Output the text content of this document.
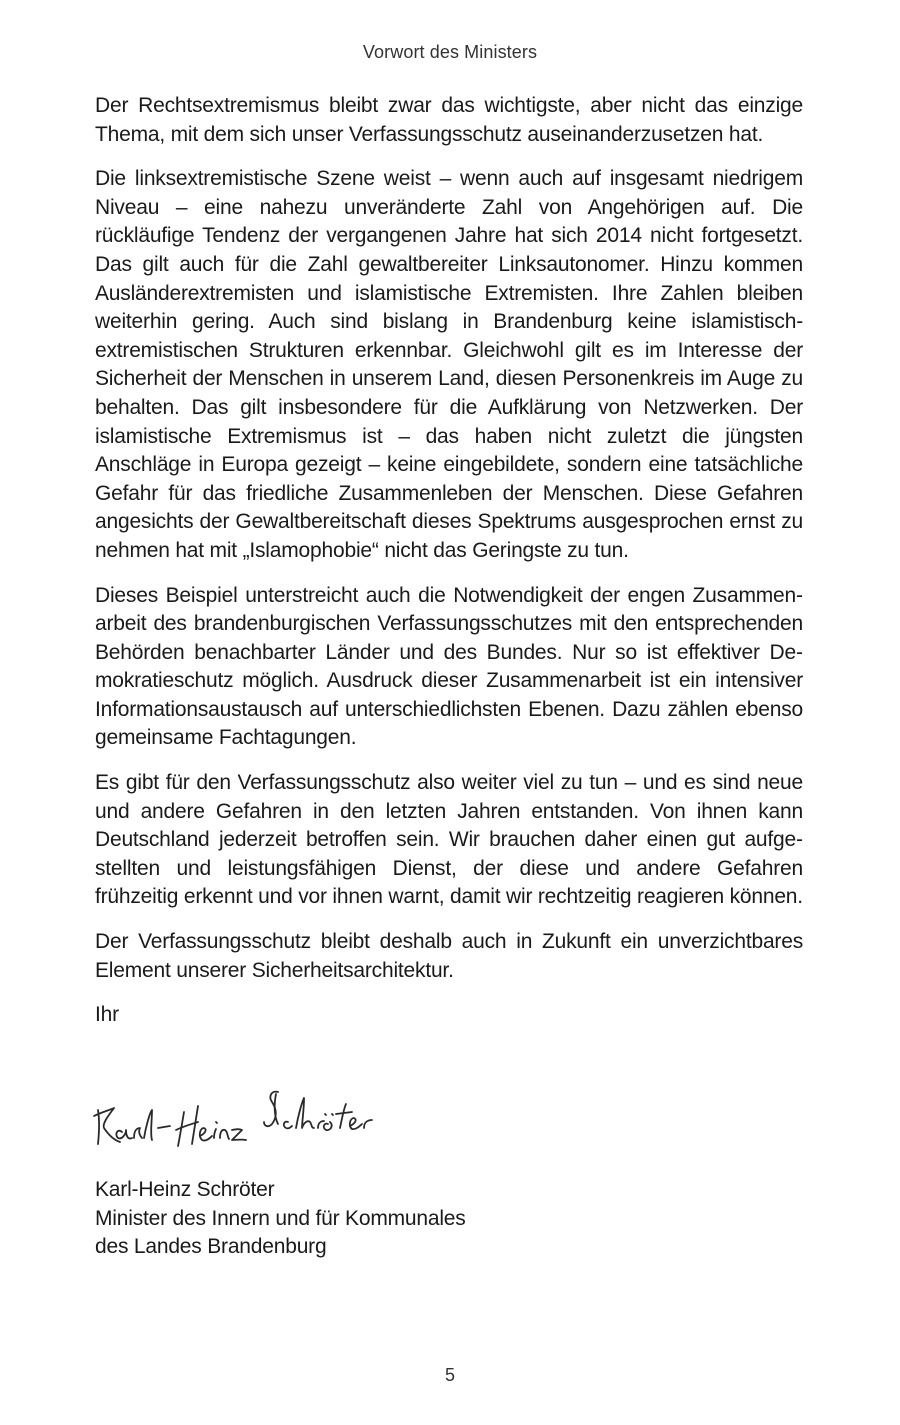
Vorwort des Ministers

Der Rechtsextremismus bleibt zwar das wichtigste, aber nicht das einzige Thema, mit dem sich unser Verfassungsschutz auseinanderzusetzen hat.

Die linksextremistische Szene weist – wenn auch auf insgesamt niedrigem Niveau – eine nahezu unveränderte Zahl von Angehörigen auf. Die rückläufige Tendenz der vergangenen Jahre hat sich 2014 nicht fortgesetzt. Das gilt auch für die Zahl gewaltbereiter Linksautonomer. Hinzu kommen Ausländerextremisten und islamistische Extremisten. Ihre Zahlen bleiben weiterhin gering. Auch sind bislang in Brandenburg keine islamistisch-extremistischen Strukturen erkennbar. Gleichwohl gilt es im Interesse der Sicherheit der Menschen in unserem Land, diesen Personenkreis im Auge zu behalten. Das gilt insbesondere für die Aufklärung von Netzwerken. Der islamistische Extremismus ist – das haben nicht zuletzt die jüngsten Anschläge in Europa gezeigt – keine eingebildete, sondern eine tatsächliche Gefahr für das friedliche Zusammenleben der Menschen. Diese Gefahren angesichts der Gewaltbereitschaft dieses Spektrums ausgesprochen ernst zu nehmen hat mit „Islamophobie“ nicht das Geringste zu tun.

Dieses Beispiel unterstreicht auch die Notwendigkeit der engen Zusammenarbeit des brandenburgischen Verfassungsschutzes mit den entsprechenden Behörden benachbarter Länder und des Bundes. Nur so ist effektiver Demokratieschutz möglich. Ausdruck dieser Zusammenarbeit ist ein intensiver Informationsaustausch auf unterschiedlichsten Ebenen. Dazu zählen ebenso gemeinsame Fachtagungen.

Es gibt für den Verfassungsschutz also weiter viel zu tun – und es sind neue und andere Gefahren in den letzten Jahren entstanden. Von ihnen kann Deutschland jederzeit betroffen sein. Wir brauchen daher einen gut aufgestellten und leistungsfähigen Dienst, der diese und andere Gefahren frühzeitig erkennt und vor ihnen warnt, damit wir rechtzeitig reagieren können.

Der Verfassungsschutz bleibt deshalb auch in Zukunft ein unverzichtbares Element unserer Sicherheitsarchitektur.

Ihr
Karl-Heinz Schröter
Minister des Innern und für Kommunales
des Landes Brandenburg
5
